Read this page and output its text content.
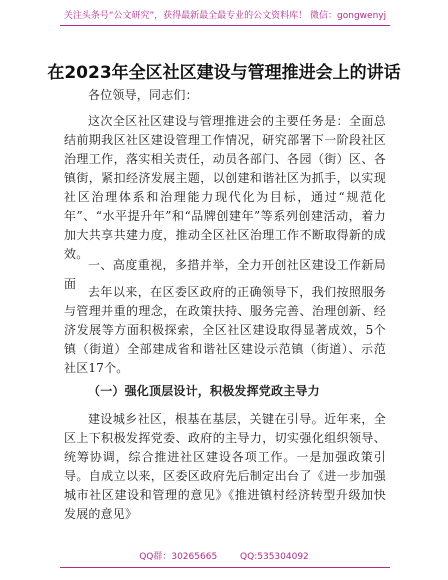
关注头条号“公文研究”，获得最新最全最专业的公文资料库！ 微信：gongwenyj
在2023年全区社区建设与管理推进会上的讲话
各位领导，同志们：
这次全区社区建设与管理推进会的主要任务是：全面总结前期我区社区建设管理工作情况，研究部署下一阶段社区治理工作，落实相关责任，动员各部门、各园（街）区、各镇街，紧扣经济发展主题，以创建和谐社区为抓手，以实现社区治理体系和治理能力现代化为目标，通过“规范化年”、“水平提升年”和“品牌创建年”等系列创建活动，着力加大共享共建力度，推动全区社区治理工作不断取得新的成效。
一、高度重视，多措并举，全力开创社区建设工作新局面
去年以来，在区委区政府的正确领导下，我们按照服务与管理并重的理念，在政策扶持、服务完善、治理创新、经济发展等方面积极探索，全区社区建设取得显著成效，5个镇（街道）全部建成省和谐社区建设示范镇（街道）、示范社区17个。
（一）强化顶层设计，积极发挥党政主导力
建设城乡社区，根基在基层，关键在引导。近年来，全区上下积极发挥党委、政府的主导力，切实强化组织领导、统筹协调，综合推进社区建设各项工作。一是加强政策引导。自成立以来，区委区政府先后制定出台了《进一步加强城市社区建设和管理的意见》《推进镇村经济转型升级加快发展的意见》
QQ群：30265665	QQ:535304092
